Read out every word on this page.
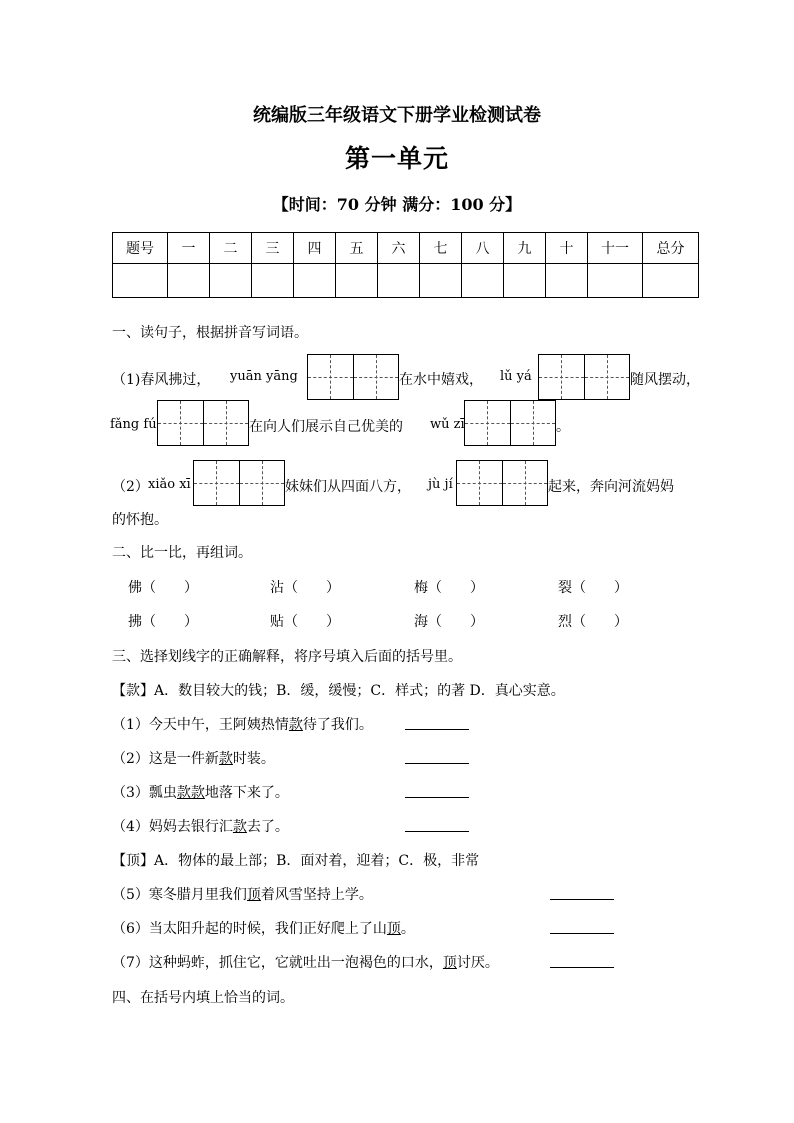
统编版三年级语文下册学业检测试卷
第一单元
【时间：70 分钟 满分：100 分】
题号	一	二	三	四	五	六	七	八	九	十	十一	总分

一、读句子，根据拼音写词语。
（1)春风拂过， yuān yāng	在水中嬉戏， lǔ yá	随风摆动，
fǎng fú	在向人们展示自己优美的 wǔ zī	。
（2） xiǎo xī	妹妹们从四面八方， jù jí	起来，奔向河流妈妈
的怀抱。
二、比一比，再组词。
佛（　　）	沾（　　）	梅（　　）	裂（　　）
拂（　　）	贴（　　）	海（　　）	烈（　　）
三、选择划线字的正确解释，将序号填入后面的括号里。
【款】A．数目较大的钱；B．缓，缓慢；C．样式；的著 D．真心实意。
（1）今天中午，王阿姨热情款待了我们。
（2）这是一件新款时装。
（3）瓢虫款款地落下来了。
（4）妈妈去银行汇款去了。
【顶】A．物体的最上部；B．面对着，迎着；C．极，非常
（5）寒冬腊月里我们顶着风雪坚持上学。
（6）当太阳升起的时候，我们正好爬上了山顶。
（7）这种蚂蚱，抓住它，它就吐出一泡褐色的口水，顶讨厌。
四、在括号内填上恰当的词。
